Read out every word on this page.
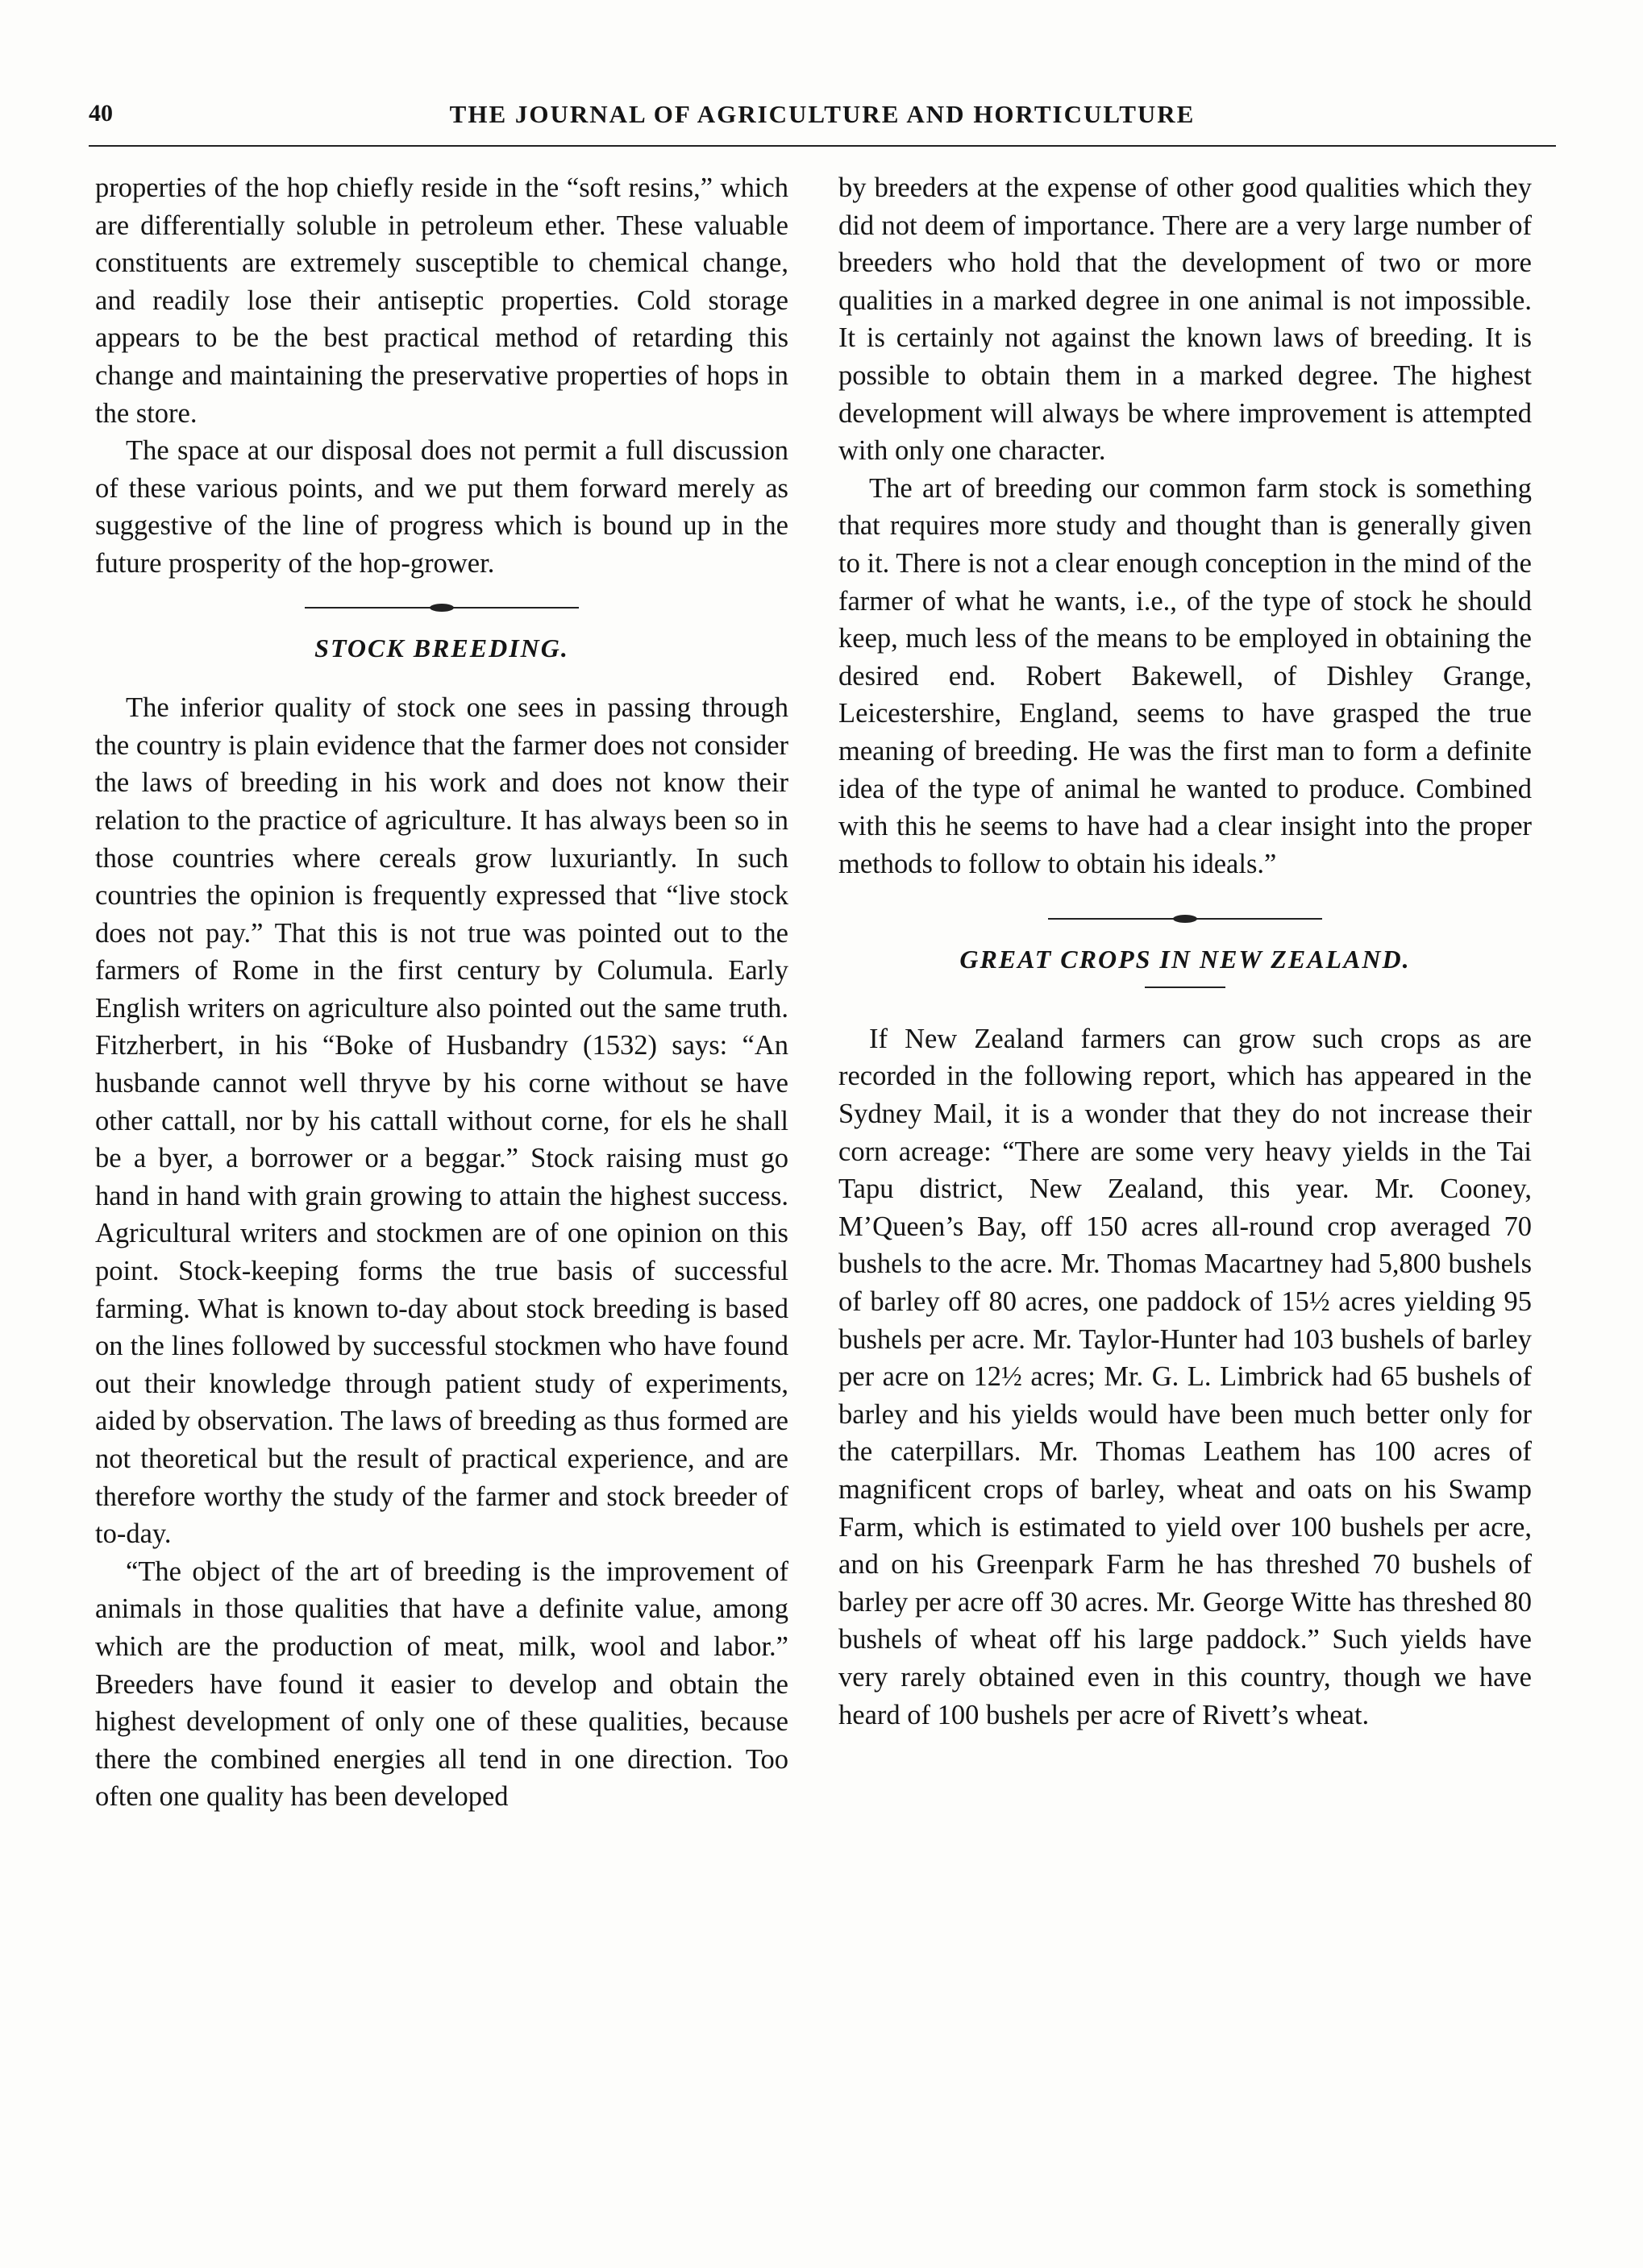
40	THE JOURNAL OF AGRICULTURE AND HORTICULTURE

properties of the hop chiefly reside in the “soft resins,” which are differentially soluble in petroleum ether. These valuable constituents are extremely susceptible to chemical change, and readily lose their antiseptic properties. Cold storage appears to be the best practical method of retarding this change and maintaining the preservative properties of hops in the store.

The space at our disposal does not permit a full discussion of these various points, and we put them forward merely as suggestive of the line of progress which is bound up in the future prosperity of the hop-grower.

STOCK BREEDING.

The inferior quality of stock one sees in passing through the country is plain evidence that the farmer does not consider the laws of breeding in his work and does not know their relation to the practice of agriculture. It has always been so in those countries where cereals grow luxuriantly. In such countries the opinion is frequently expressed that “live stock does not pay.” That this is not true was pointed out to the farmers of Rome in the first century by Columula. Early English writers on agriculture also pointed out the same truth. Fitzherbert, in his “Boke of Husbandry (1532) says: “An husbande cannot well thryve by his corne without se have other cattall, nor by his cattall without corne, for els he shall be a byer, a borrower or a beggar.” Stock raising must go hand in hand with grain growing to attain the highest success. Agricultural writers and stockmen are of one opinion on this point. Stock-keeping forms the true basis of successful farming. What is known to-day about stock breeding is based on the lines followed by successful stockmen who have found out their knowledge through patient study of experiments, aided by observation. The laws of breeding as thus formed are not theoretical but the result of practical experience, and are therefore worthy the study of the farmer and stock breeder of to-day.

“The object of the art of breeding is the improvement of animals in those qualities that have a definite value, among which are the production of meat, milk, wool and labor.” Breeders have found it easier to develop and obtain the highest development of only one of these qualities, because there the combined energies all tend in one direction. Too often one quality has been developed

by breeders at the expense of other good qualities which they did not deem of importance. There are a very large number of breeders who hold that the development of two or more qualities in a marked degree in one animal is not impossible. It is certainly not against the known laws of breeding. It is possible to obtain them in a marked degree. The highest development will always be where improvement is attempted with only one character.

The art of breeding our common farm stock is something that requires more study and thought than is generally given to it. There is not a clear enough conception in the mind of the farmer of what he wants, i.e., of the type of stock he should keep, much less of the means to be employed in obtaining the desired end. Robert Bakewell, of Dishley Grange, Leicestershire, England, seems to have grasped the true meaning of breeding. He was the first man to form a definite idea of the type of animal he wanted to produce. Combined with this he seems to have had a clear insight into the proper methods to follow to obtain his ideals.”

GREAT CROPS IN NEW ZEALAND.

If New Zealand farmers can grow such crops as are recorded in the following report, which has appeared in the Sydney Mail, it is a wonder that they do not increase their corn acreage: “There are some very heavy yields in the Tai Tapu district, New Zealand, this year. Mr. Cooney, M’Queen’s Bay, off 150 acres all-round crop averaged 70 bushels to the acre. Mr. Thomas Macartney had 5,800 bushels of barley off 80 acres, one paddock of 15½ acres yielding 95 bushels per acre. Mr. Taylor-Hunter had 103 bushels of barley per acre on 12½ acres; Mr. G. L. Limbrick had 65 bushels of barley and his yields would have been much better only for the caterpillars. Mr. Thomas Leathem has 100 acres of magnificent crops of barley, wheat and oats on his Swamp Farm, which is estimated to yield over 100 bushels per acre, and on his Greenpark Farm he has threshed 70 bushels of barley per acre off 30 acres. Mr. George Witte has threshed 80 bushels of wheat off his large paddock.” Such yields have very rarely obtained even in this country, though we have heard of 100 bushels per acre of Rivett’s wheat.
